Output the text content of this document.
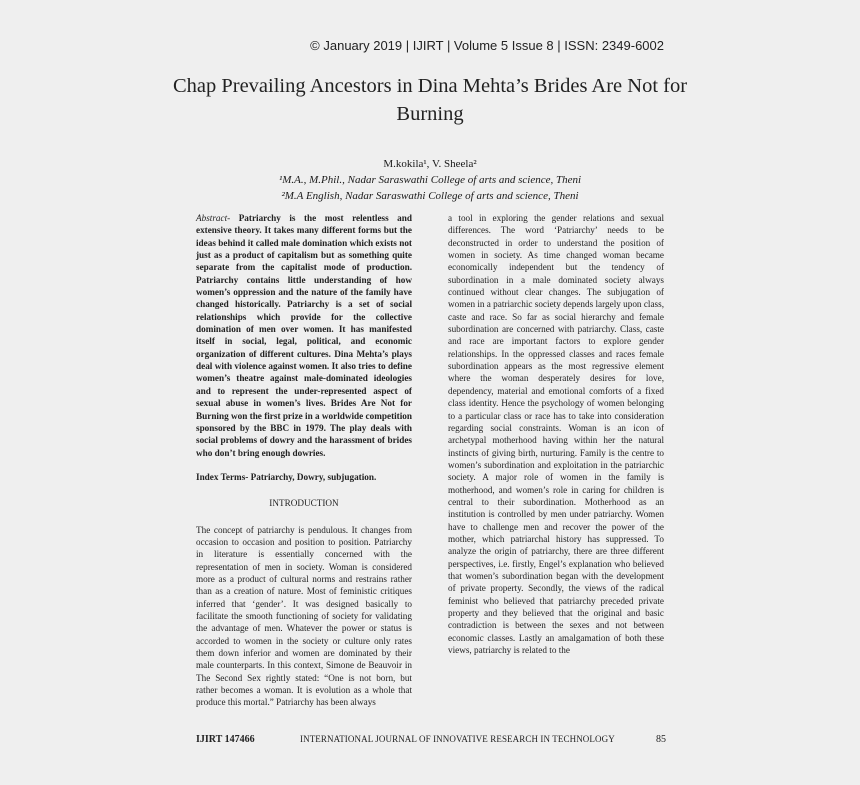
© January 2019 | IJIRT | Volume 5 Issue 8 | ISSN: 2349-6002
Chap Prevailing Ancestors in Dina Mehta’s Brides Are Not for Burning
M.kokila¹, V. Sheela²
¹M.A., M.Phil., Nadar Saraswathi College of arts and science, Theni
²M.A English, Nadar Saraswathi College of arts and science, Theni

Abstract- Patriarchy is the most relentless and extensive theory. It takes many different forms but the ideas behind it called male domination which exists not just as a product of capitalism but as something quite separate from the capitalist mode of production. Patriarchy contains little understanding of how women’s oppression and the nature of the family have changed historically. Patriarchy is a set of social relationships which provide for the collective domination of men over women. It has manifested itself in social, legal, political, and economic organization of different cultures. Dina Mehta’s plays deal with violence against women. It also tries to define women’s theatre against male-dominated ideologies and to represent the under-represented aspect of sexual abuse in women’s lives. Brides Are Not for Burning won the first prize in a worldwide competition sponsored by the BBC in 1979. The play deals with social problems of dowry and the harassment of brides who don’t bring enough dowries.

Index Terms- Patriarchy, Dowry, subjugation.

INTRODUCTION

The concept of patriarchy is pendulous. It changes from occasion to occasion and position to position. Patriarchy in literature is essentially concerned with the representation of men in society. Woman is considered more as a product of cultural norms and restrains rather than as a creation of nature. Most of feministic critiques inferred that ‘gender’. It was designed basically to facilitate the smooth functioning of society for validating the advantage of men. Whatever the power or status is accorded to women in the society or culture only rates them down inferior and women are dominated by their male counterparts. In this context, Simone de Beauvoir in The Second Sex rightly stated: “One is not born, but rather becomes a woman. It is evolution as a whole that produce this mortal.” Patriarchy has been always

a tool in exploring the gender relations and sexual differences. The word ‘Patriarchy’ needs to be deconstructed in order to understand the position of women in society. As time changed woman became economically independent but the tendency of subordination in a male dominated society always continued without clear changes. The subjugation of women in a patriarchic society depends largely upon class, caste and race. So far as social hierarchy and female subordination are concerned with patriarchy. Class, caste and race are important factors to explore gender relationships. In the oppressed classes and races female subordination appears as the most regressive element where the woman desperately desires for love, dependency, material and emotional comforts of a fixed class identity. Hence the psychology of women belonging to a particular class or race has to take into consideration regarding social constraints. Woman is an icon of archetypal motherhood having within her the natural instincts of giving birth, nurturing. Family is the centre to women’s subordination and exploitation in the patriarchic society. A major role of women in the family is motherhood, and women’s role in caring for children is central to their subordination. Motherhood as an institution is controlled by men under patriarchy. Women have to challenge men and recover the power of the mother, which patriarchal history has suppressed. To analyze the origin of patriarchy, there are three different perspectives, i.e. firstly, Engel’s explanation who believed that women’s subordination began with the development of private property. Secondly, the views of the radical feminist who believed that patriarchy preceded private property and they believed that the original and basic contradiction is between the sexes and not between economic classes. Lastly an amalgamation of both these views, patriarchy is related to the

IJIRT 147466	INTERNATIONAL JOURNAL OF INNOVATIVE RESEARCH IN TECHNOLOGY	85
